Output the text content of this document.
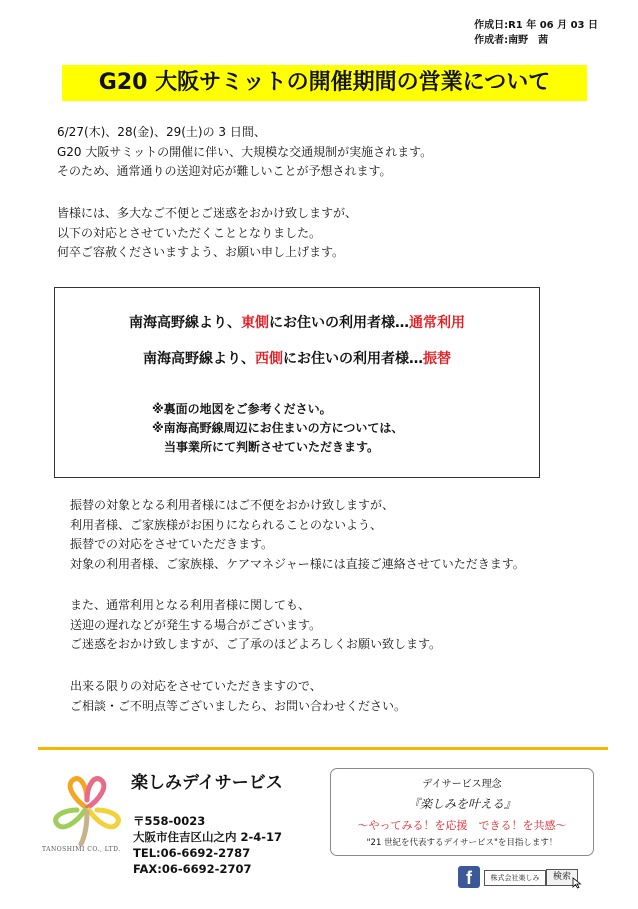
作成日:R1 年 06 月 03 日
作成者:南野　茜
G20 大阪サミットの開催期間の営業について

6/27(木)、28(金)、29(土)の 3 日間、

G20 大阪サミットの開催に伴い、大規模な交通規制が実施されます。

そのため、通常通りの送迎対応が難しいことが予想されます。

皆様には、多大なご不便とご迷惑をおかけ致しますが、

以下の対応とさせていただくこととなりました。

何卒ご容赦くださいますよう、お願い申し上げます。

南海高野線より、東側にお住いの利用者様…通常利用
南海高野線より、西側にお住いの利用者様…振替

※裏面の地図をご参考ください。

※南海高野線周辺にお住まいの方については、

　当事業所にて判断させていただきます。

振替の対象となる利用者様にはご不便をおかけ致しますが、

利用者様、ご家族様がお困りになられることのないよう、

振替での対応をさせていただきます。

対象の利用者様、ご家族様、ケアマネジャー様には直接ご連絡させていただきます。

また、通常利用となる利用者様に関しても、

送迎の遅れなどが発生する場合がございます。

ご迷惑をおかけ致しますが、ご了承のほどよろしくお願い致します。

出来る限りの対応をさせていただきますので、

ご相談・ご不明点等ございましたら、お問い合わせください。

TANOSHIMI CO., LTD.
楽しみデイサービス

〒558-0023

大阪市住吉区山之内 2-4-17

TEL:06-6692-2787

FAX:06-6692-2707

デイサービス理念
『楽しみを叶える』
～やってみる！を応援　できる！を共感～
"21 世紀を代表するデイサービス"を目指します！
f	株式会社楽しみ	検索
